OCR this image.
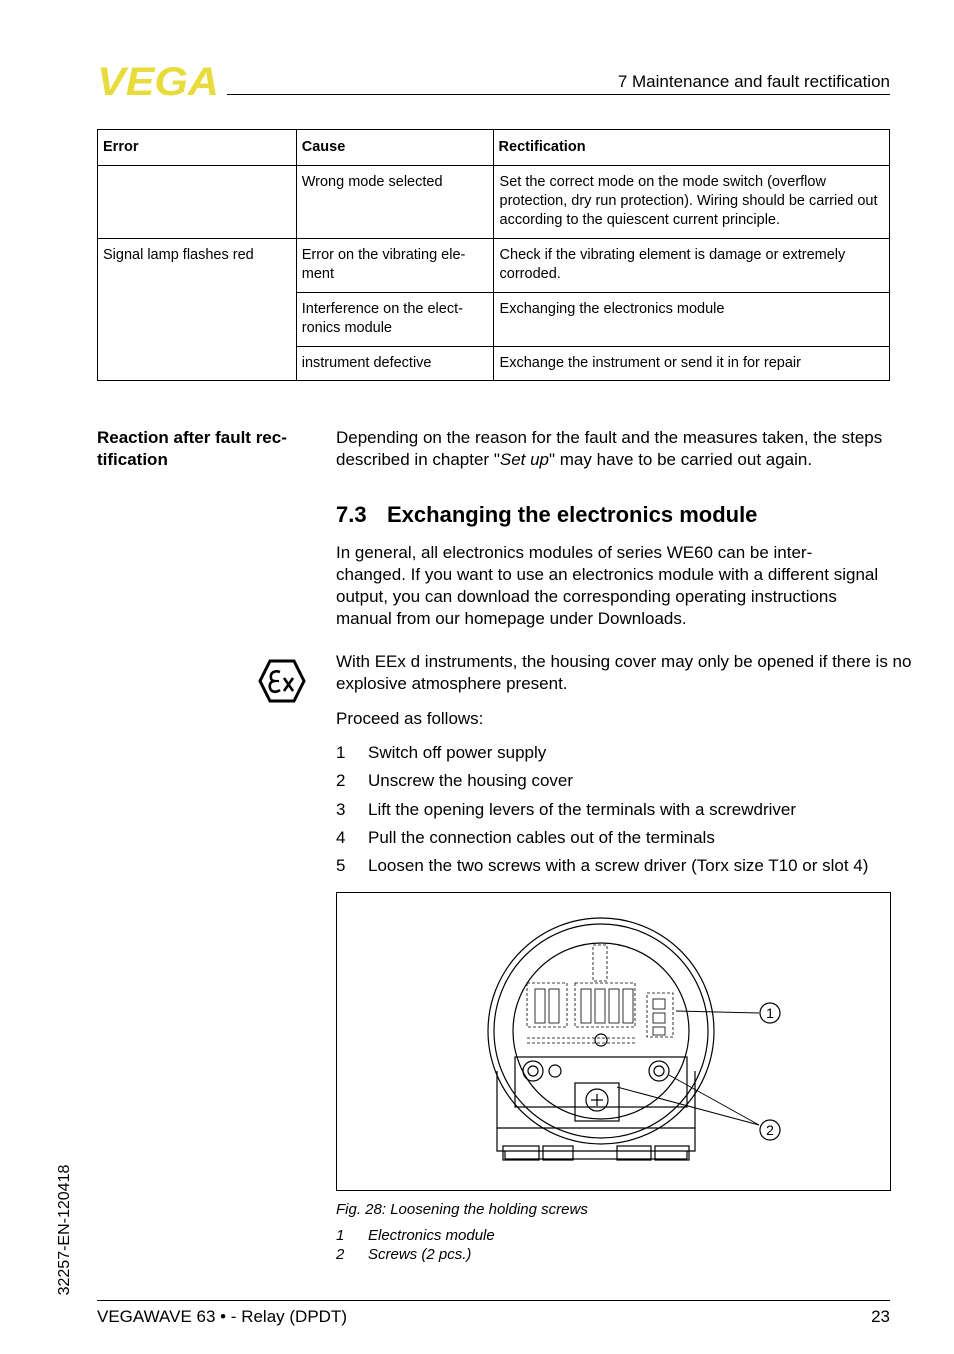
VEGA	7 Maintenance and fault rectification
Error	Cause	Rectification
	Wrong mode selected	Set the correct mode on the mode switch (overflow protection, dry run protection). Wiring should be carried out according to the quiescent current principle.
Signal lamp flashes red	Error on the vibrating ele- ment	Check if the vibrating element is damage or extremely corroded.
	Interference on the elect- ronics module	Exchanging the electronics module
	instrument defective	Exchange the instrument or send it in for repair
Reaction after fault rec- tification
Depending on the reason for the fault and the measures taken, the steps described in chapter "Set up" may have to be carried out again.
7.3 Exchanging the electronics module
In general, all electronics modules of series WE60 can be inter- changed. If you want to use an electronics module with a different signal output, you can download the corresponding operating instructions manual from our homepage under Downloads.
With EEx d instruments, the housing cover may only be opened if there is no explosive atmosphere present.
Proceed as follows:
1 Switch off power supply
2 Unscrew the housing cover
3 Lift the opening levers of the terminals with a screwdriver
4 Pull the connection cables out of the terminals
5 Loosen the two screws with a screw driver (Torx size T10 or slot 4)
1
2
Fig. 28: Loosening the holding screws
1 Electronics module
2 Screws (2 pcs.)
32257-EN-120418
VEGAWAVE 63 • - Relay (DPDT)	23
